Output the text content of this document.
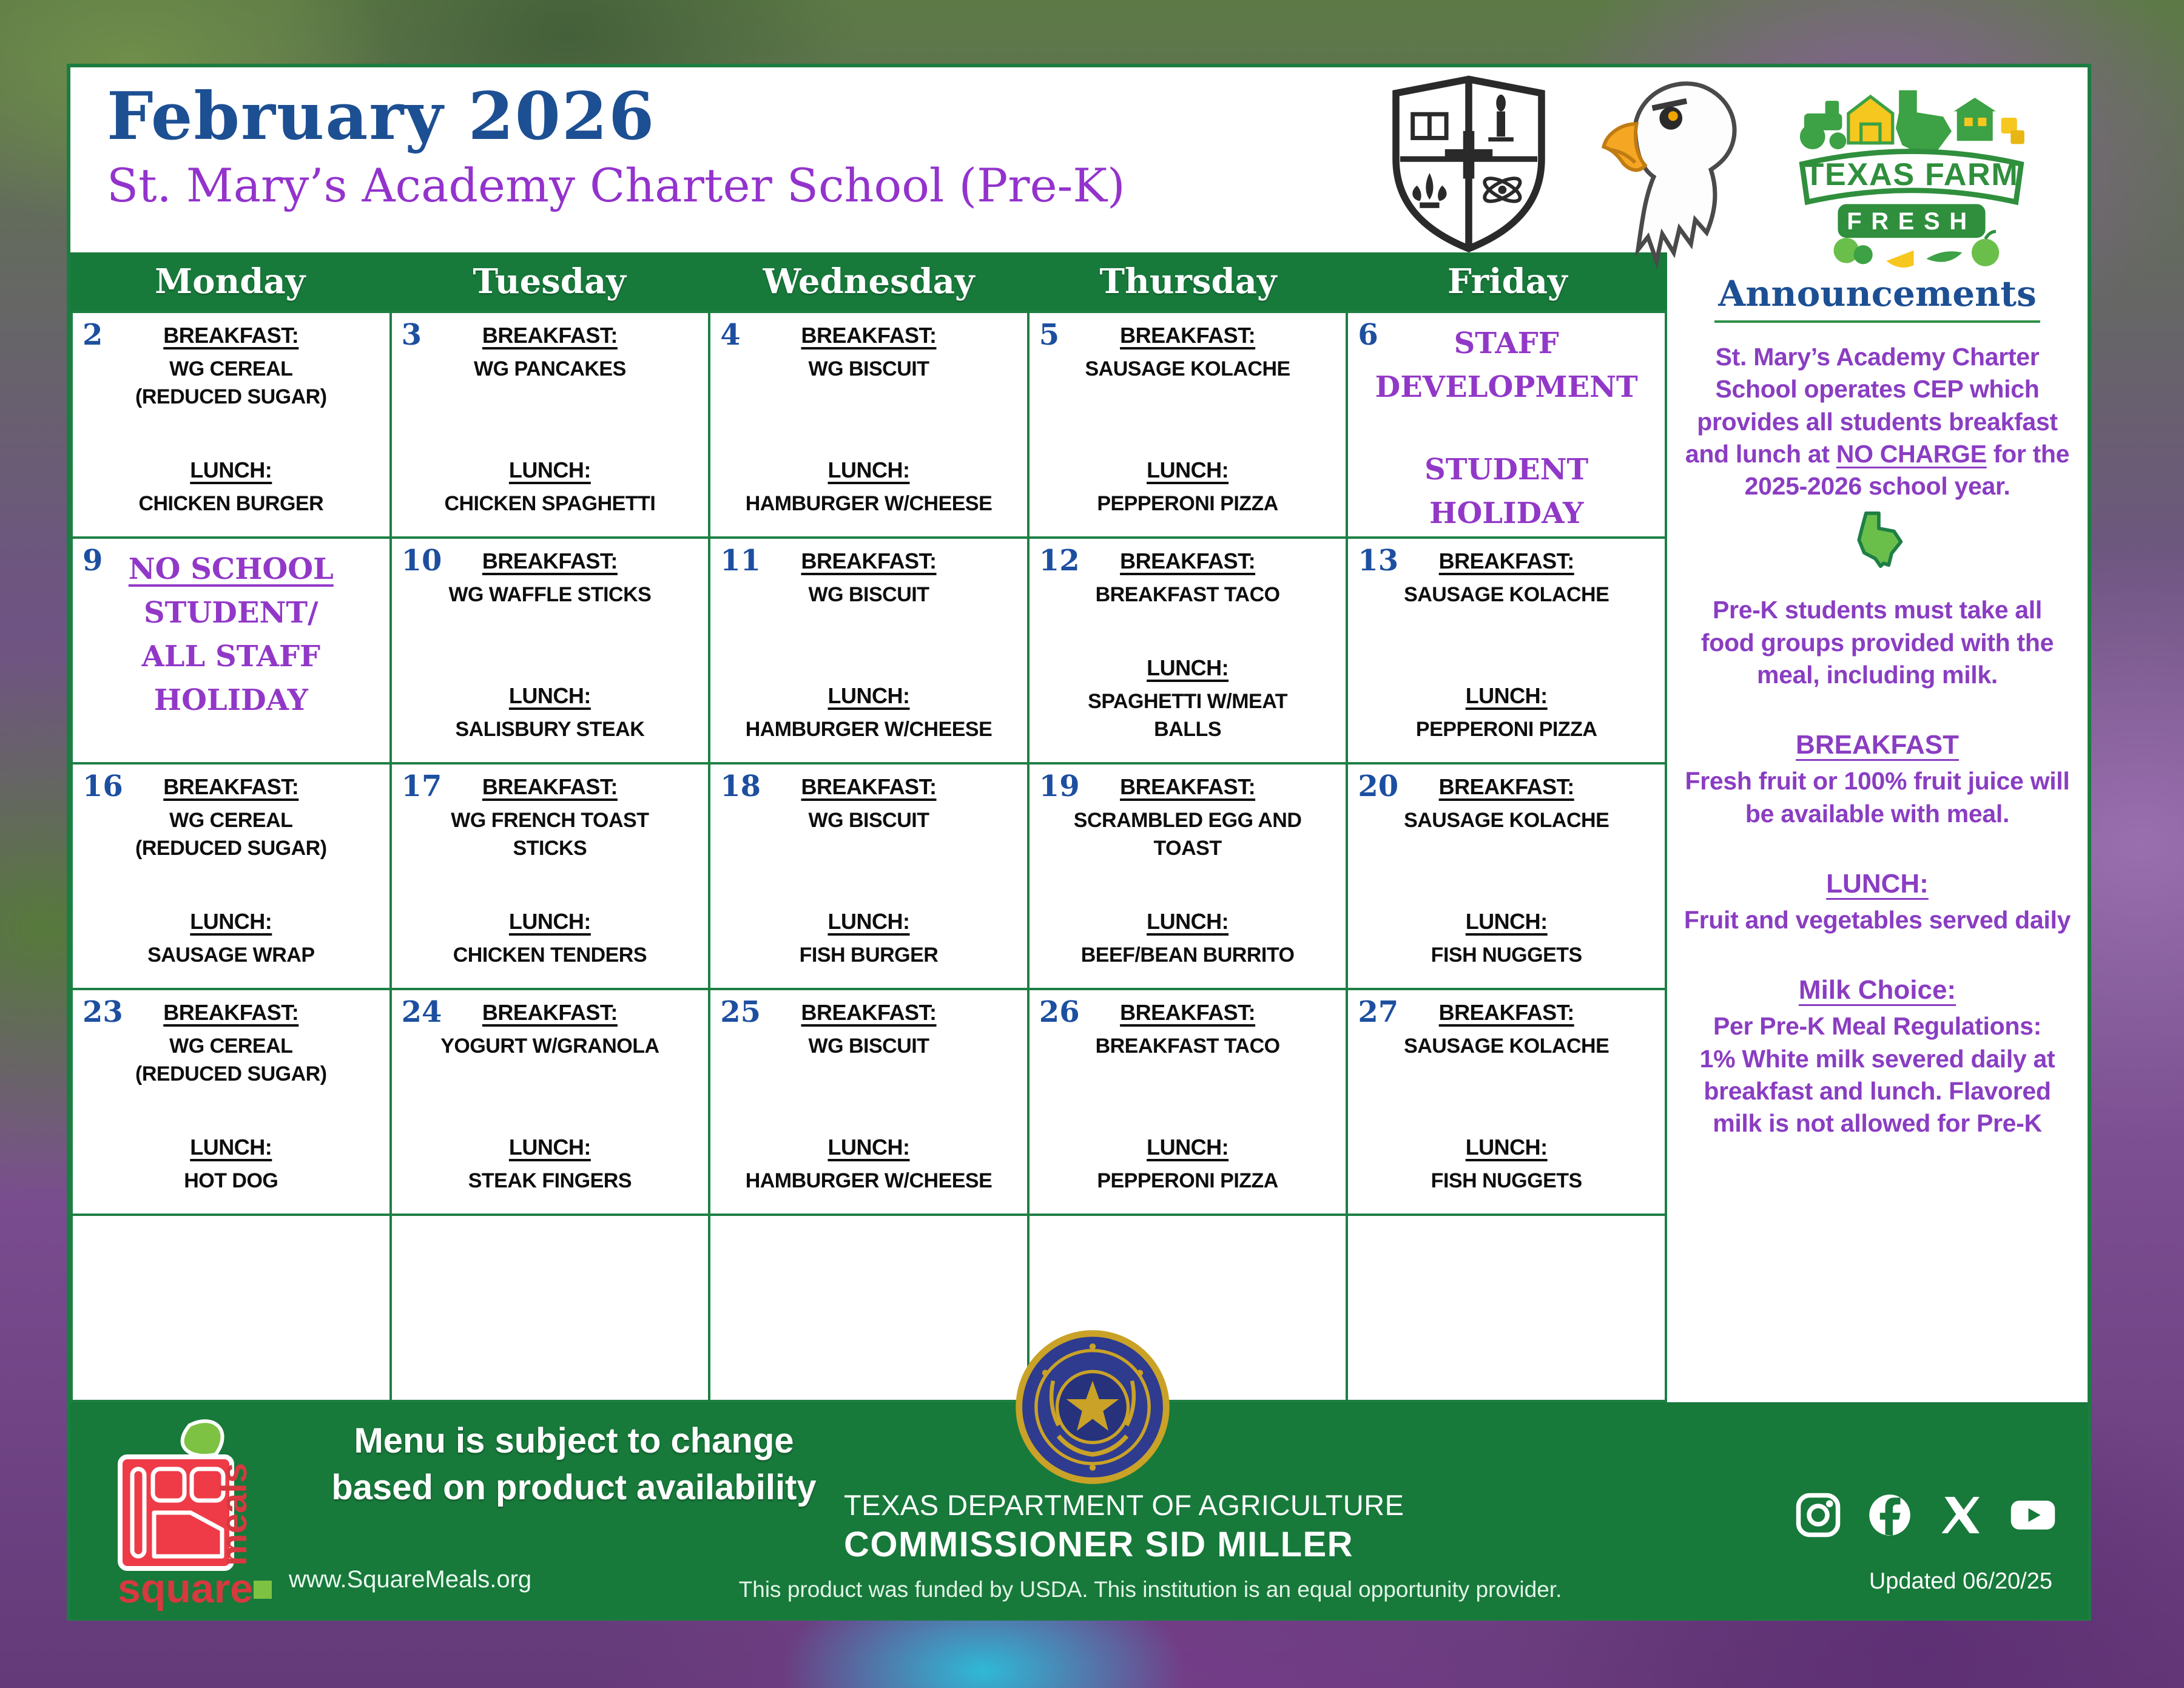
February 2026
St. Mary’s Academy Charter School (Pre-K)	TEXAS FARM
FRESH
Monday	Tuesday	Wednesday	Thursday	Friday
2	BREAKFAST:
WG CEREAL
(REDUCED SUGAR)
LUNCH:
CHICKEN BURGER
3	BREAKFAST:
WG PANCAKES
LUNCH:
CHICKEN SPAGHETTI
4	BREAKFAST:
WG BISCUIT
LUNCH:
HAMBURGER W/CHEESE
5	BREAKFAST:
SAUSAGE KOLACHE
LUNCH:
PEPPERONI PIZZA
6	STAFF
DEVELOPMENT
STUDENT HOLIDAY
9 NO SCHOOL
STUDENT/
ALL STAFF
HOLIDAY
10	BREAKFAST:
WG WAFFLE STICKS
LUNCH:
SALISBURY STEAK
11	BREAKFAST:
WG BISCUIT
LUNCH:
HAMBURGER W/CHEESE
12	BREAKFAST:
BREAKFAST TACO
LUNCH:
SPAGHETTI W/MEAT
BALLS
13	BREAKFAST:
SAUSAGE KOLACHE
LUNCH:
PEPPERONI PIZZA
16	BREAKFAST:
WG CEREAL
(REDUCED SUGAR)
LUNCH:
SAUSAGE WRAP
17	BREAKFAST:
WG FRENCH TOAST
STICKS
LUNCH:
CHICKEN TENDERS
18	BREAKFAST:
WG BISCUIT
LUNCH:
FISH BURGER
19	BREAKFAST:
SCRAMBLED EGG AND
TOAST
LUNCH:
BEEF/BEAN BURRITO
20	BREAKFAST:
SAUSAGE KOLACHE
LUNCH:
FISH NUGGETS
23	BREAKFAST:
WG CEREAL
(REDUCED SUGAR)
LUNCH:
HOT DOG
24	BREAKFAST:
YOGURT W/GRANOLA
LUNCH:
STEAK FINGERS
25	BREAKFAST:
WG BISCUIT
LUNCH:
HAMBURGER W/CHEESE
26	BREAKFAST:
BREAKFAST TACO
LUNCH:
PEPPERONI PIZZA
27	BREAKFAST:
SAUSAGE KOLACHE
LUNCH:
FISH NUGGETS
Announcements

St. Mary’s Academy Charter School operates CEP which provides all students breakfast and lunch at NO CHARGE for the 2025-2026 school year.

Pre-K students must take all food groups provided with the meal, including milk.

BREAKFAST

Fresh fruit or 100% fruit juice will be available with meal.

LUNCH:

Fruit and vegetables served daily

Milk Choice:

Per Pre-K Meal Regulations:

1% White milk severed daily at breakfast and lunch. Flavored milk is not allowed for Pre-K

square
meals
Menu is subject to change
based on product availability
www.SquareMeals.org
TEXAS DEPARTMENT OF AGRICULTURE
COMMISSIONER SID MILLER
This product was funded by USDA. This institution is an equal opportunity provider.	Updated 06/20/25
